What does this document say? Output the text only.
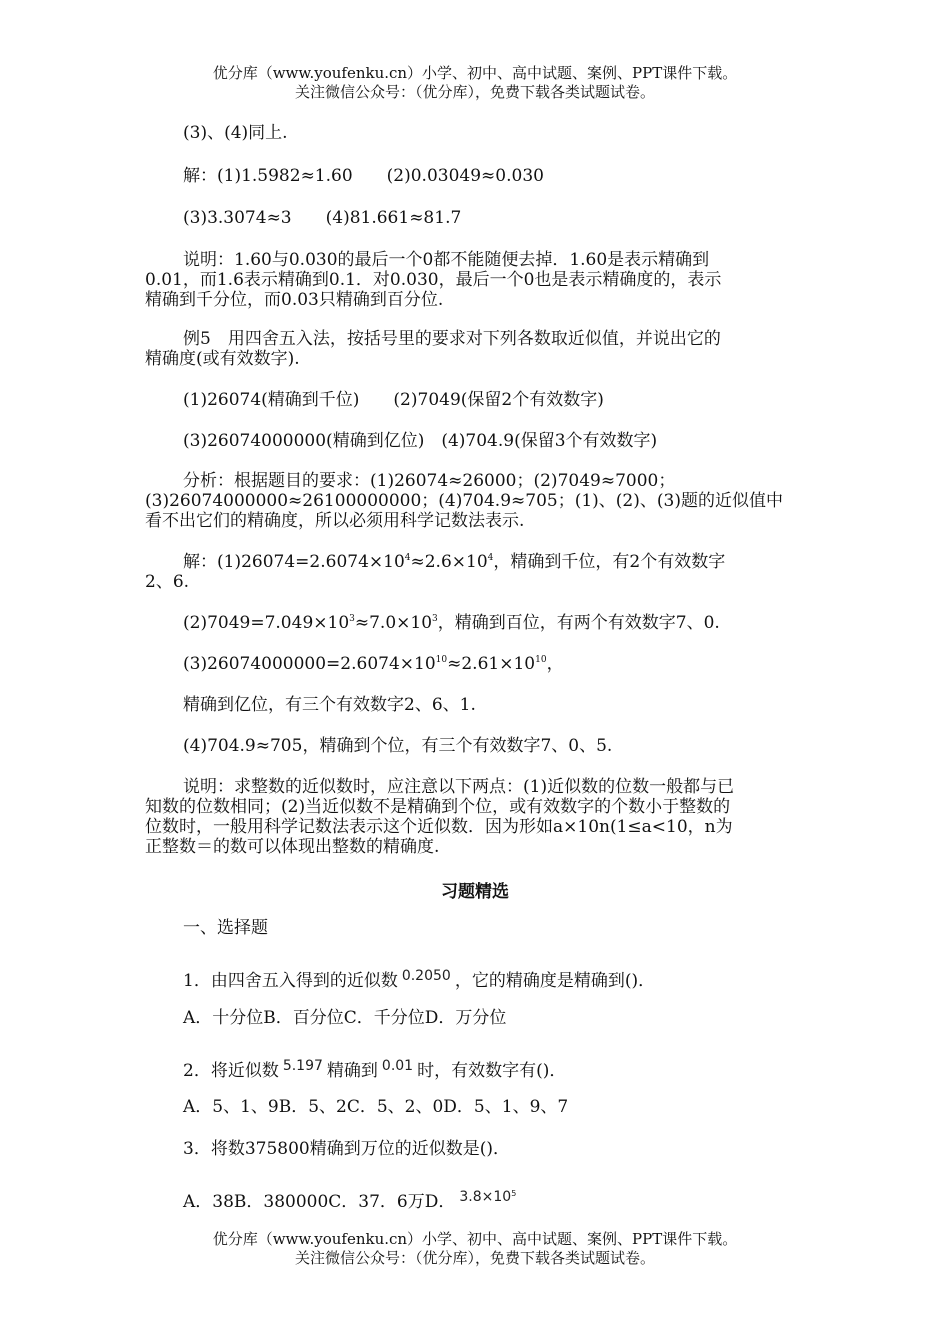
优分库（www.youfenku.cn）小学、初中、高中试题、案例、PPT课件下载。
关注微信公众号：（优分库），免费下载各类试题试卷。
(3)、(4)同上.
解：(1)1.5982≈1.60　　(2)0.03049≈0.030
(3)3.3074≈3　　(4)81.661≈81.7
说明：1.60与0.030的最后一个0都不能随便去掉．1.60是表示精确到
0.01，而1.6表示精确到0.1．对0.030，最后一个0也是表示精确度的，表示
精确到千分位，而0.03只精确到百分位.
例5　用四舍五入法，按括号里的要求对下列各数取近似值，并说出它的
精确度(或有效数字).
(1)26074(精确到千位)　　(2)7049(保留2个有效数字)
(3)26074000000(精确到亿位)　(4)704.9(保留3个有效数字)
分析：根据题目的要求：(1)26074≈26000；(2)7049≈7000；
(3)26074000000≈26100000000；(4)704.9≈705；(1)、(2)、(3)题的近似值中
看不出它们的精确度，所以必须用科学记数法表示.
解：$(1)26074=2.6074\times 10^4\approx 2.6\times 10^4$，精确到千位，有2个有效数字
2、6.
$(2)7049=7.049\times 10^3\approx 7.0\times 10^3$，精确到百位，有两个有效数字7、0.
$(3)26074000000=2.6074\times 10^{10}\approx 2.61\times 10^{10}$，
精确到亿位，有三个有效数字2、6、1.
(4)704.9≈705，精确到个位，有三个有效数字7、0、5.
说明：求整数的近似数时，应注意以下两点：(1)近似数的位数一般都与已
知数的位数相同；(2)当近似数不是精确到个位，或有效数字的个数小于整数的
位数时，一般用科学记数法表示这个近似数．因为形如a×10n(1≤a<10，n为
正整数＝的数可以体现出整数的精确度.
习题精选
一、选择题
1．由四舍五入得到的近似数 $^{0.2050}$ ，它的精确度是精确到()．
A．十分位B．百分位C．千分位D．万分位
2．将近似数 $^{5.197}$ 精确到 $^{0.01}$ 时，有效数字有()．
A．5、1、9B．5、2C．5、2、0D．5、1、9、7
3．将数375800精确到万位的近似数是()．
A．38B．380000C．37．6万D． $^{3.8\times 10^5}$
优分库（www.youfenku.cn）小学、初中、高中试题、案例、PPT课件下载。
关注微信公众号：（优分库），免费下载各类试题试卷。
